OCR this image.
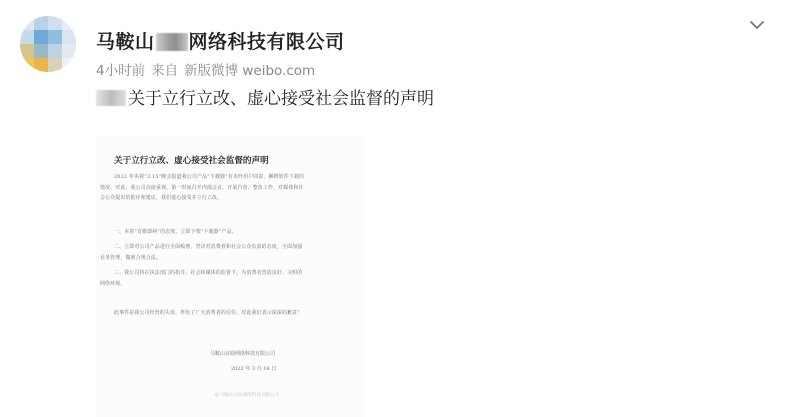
马鞍山 网络科技有限公司
4小时前 来自 新版微博 weibo.com
关于立行立改、虚心接受社会监督的声明
关于立行立改、虚心接受社会监督的声明
2022 年央视“3.15”晚会报道我公司产品“下载器”有未经用户同意、捆绑软件下载的情况，对此，我公司高度重视，第一时间召开内部会议，开展自查、整改工作，对媒体和社会公众提出的批评和建议，我们虚心接受并立行立改。
一、本着“有错即纠”的态度，立即下架“下载器”产品。
二、立即对公司产品进行全面梳理，坚决对消费者和社会公众负责的态度，全面加强业务管理，做到合规合法。
三、我公司将在执法部门的指导、社会和媒体的监督下，为消费者营造良好、文明的网络环境。
此事件是我公司经营的失误，辜负了广大消费者的信任，对此我们表示深深的歉意！
马鞍山百助网络科技有限公司
2022 年 3 月 16 日
@马鞍山百助网络科技有限公司
